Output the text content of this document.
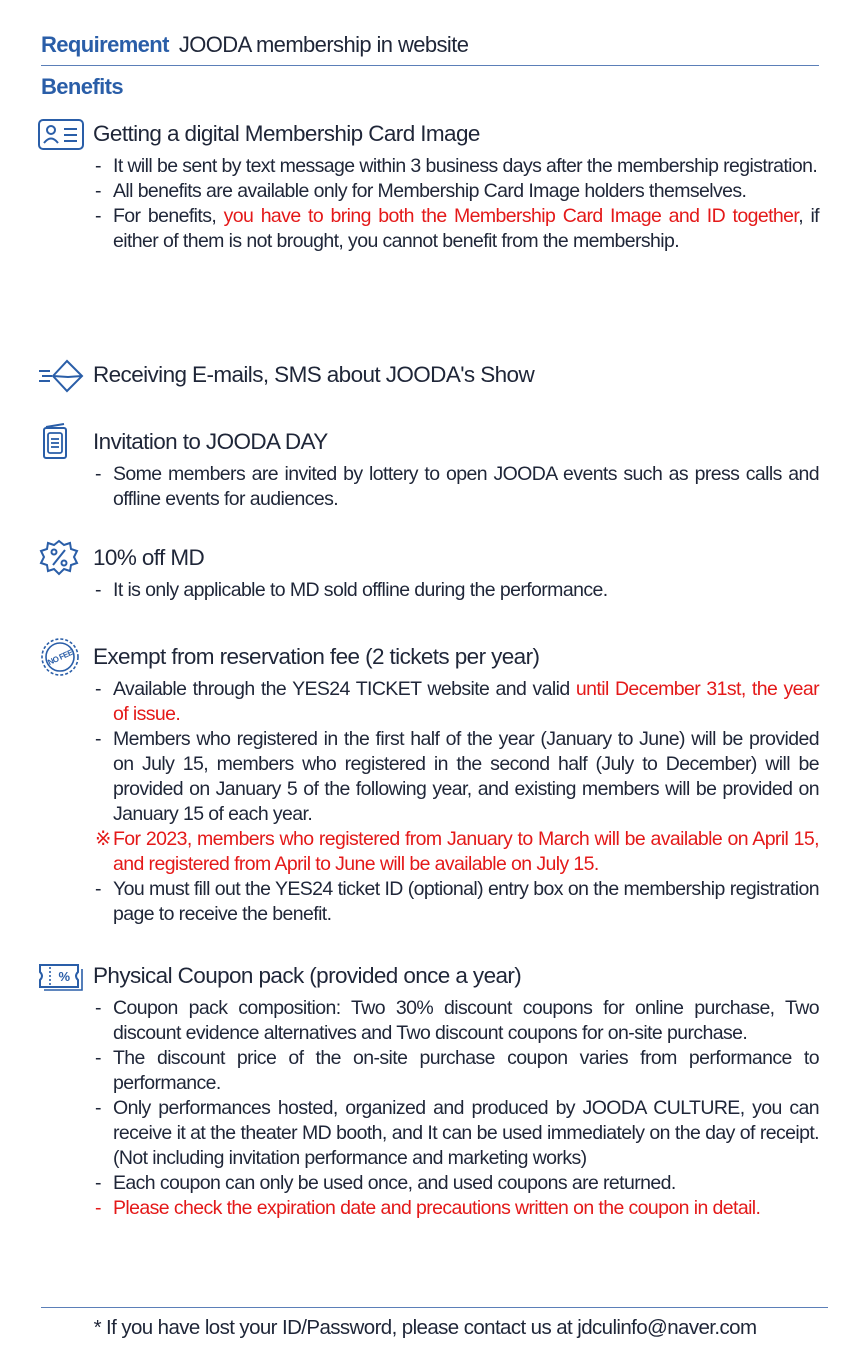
Requirement JOODA membership in website
Benefits
Getting a digital Membership Card Image
- It will be sent by text message within 3 business days after the membership registration.
- All benefits are available only for Membership Card Image holders themselves.
- For benefits, you have to bring both the Membership Card Image and ID together, if either of them is not brought, you cannot benefit from the membership.
Receiving E-mails, SMS about JOODA's Show
Invitation to JOODA DAY
- Some members are invited by lottery to open JOODA events such as press calls and offline events for audiences.
10% off MD
- It is only applicable to MD sold offline during the performance.
NO FEE Exempt from reservation fee (2 tickets per year)
- Available through the YES24 TICKET website and valid until December 31st, the year of issue.
- Members who registered in the first half of the year (January to June) will be provided on July 15, members who registered in the second half (July to December) will be provided on January 5 of the following year, and existing members will be provided on January 15 of each year.
※ For 2023, members who registered from January to March will be available on April 15, and registered from April to June will be available on July 15.
- You must fill out the YES24 ticket ID (optional) entry box on the membership registration page to receive the benefit.
% Physical Coupon pack (provided once a year)
- Coupon pack composition: Two 30% discount coupons for online purchase, Two discount evidence alternatives and Two discount coupons for on-site purchase.
- The discount price of the on-site purchase coupon varies from performance to performance.
- Only performances hosted, organized and produced by JOODA CULTURE, you can receive it at the theater MD booth, and It can be used immediately on the day of receipt. (Not including invitation performance and marketing works)
- Each coupon can only be used once, and used coupons are returned.
- Please check the expiration date and precautions written on the coupon in detail.
* If you have lost your ID/Password, please contact us at jdculinfo@naver.com
